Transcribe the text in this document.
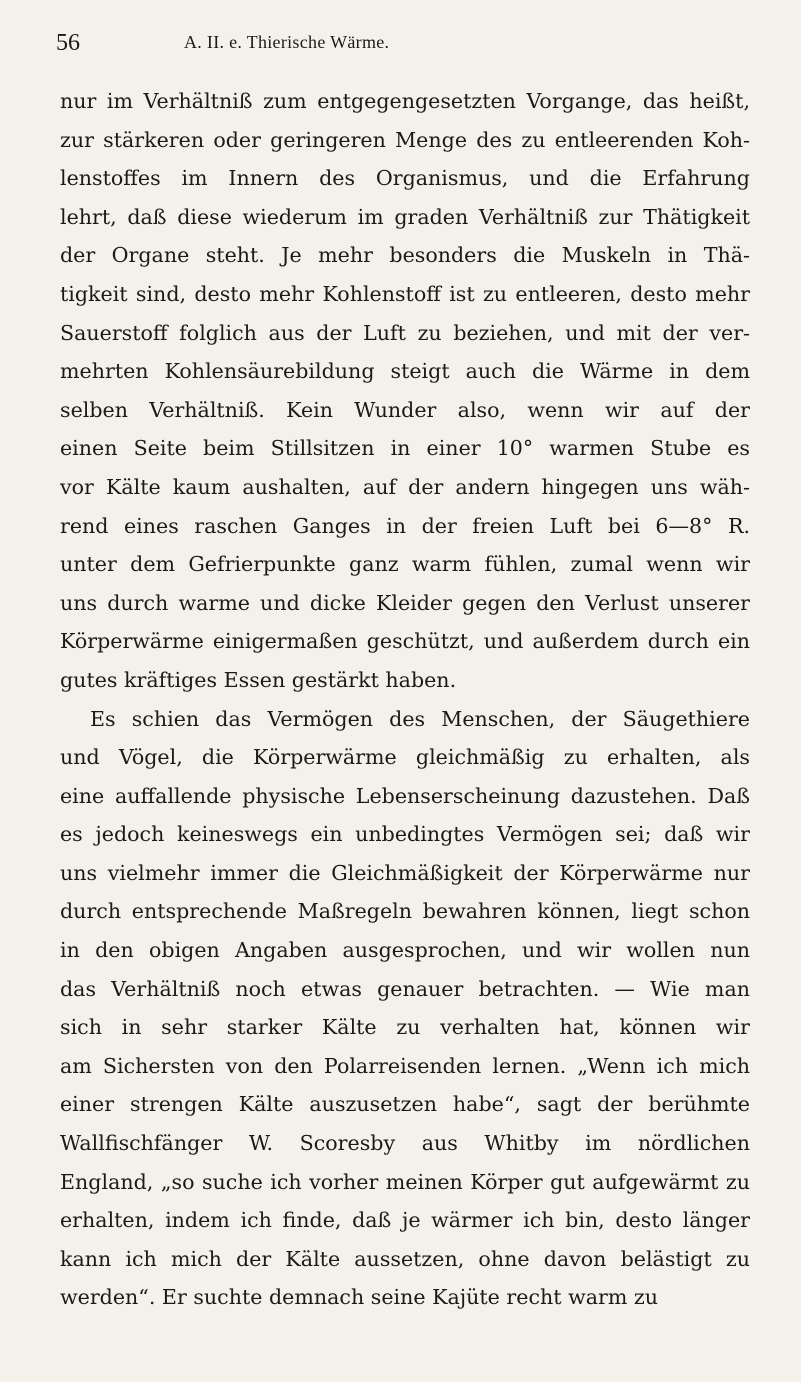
56	A. II. e. Thierische Wärme.
nur im Verhältniß zum entgegengesetzten Vorgange, das heißt,
zur stärkeren oder geringeren Menge des zu entleerenden Koh-
lenstoffes im Innern des Organismus, und die Erfahrung
lehrt, daß diese wiederum im graden Verhältniß zur Thätigkeit
der Organe steht. Je mehr besonders die Muskeln in Thä-
tigkeit sind, desto mehr Kohlenstoff ist zu entleeren, desto mehr
Sauerstoff folglich aus der Luft zu beziehen, und mit der ver-
mehrten Kohlensäurebildung steigt auch die Wärme in dem
selben Verhältniß. Kein Wunder also, wenn wir auf der
einen Seite beim Stillsitzen in einer 10° warmen Stube es
vor Kälte kaum aushalten, auf der andern hingegen uns wäh-
rend eines raschen Ganges in der freien Luft bei 6—8° R.
unter dem Gefrierpunkte ganz warm fühlen, zumal wenn wir
uns durch warme und dicke Kleider gegen den Verlust unserer
Körperwärme einigermaßen geschützt, und außerdem durch ein
gutes kräftiges Essen gestärkt haben.
Es schien das Vermögen des Menschen, der Säugethiere
und Vögel, die Körperwärme gleichmäßig zu erhalten, als
eine auffallende physische Lebenserscheinung dazustehen. Daß
es jedoch keineswegs ein unbedingtes Vermögen sei; daß wir
uns vielmehr immer die Gleichmäßigkeit der Körperwärme nur
durch entsprechende Maßregeln bewahren können, liegt schon
in den obigen Angaben ausgesprochen, und wir wollen nun
das Verhältniß noch etwas genauer betrachten. — Wie man
sich in sehr starker Kälte zu verhalten hat, können wir
am Sichersten von den Polarreisenden lernen. „Wenn ich mich
einer strengen Kälte auszusetzen habe“, sagt der berühmte
Wallfischfänger W. Scoresby aus Whitby im nördlichen
England, „so suche ich vorher meinen Körper gut aufgewärmt zu
erhalten, indem ich finde, daß je wärmer ich bin, desto länger
kann ich mich der Kälte aussetzen, ohne davon belästigt zu
werden“. Er suchte demnach seine Kajüte recht warm zu
